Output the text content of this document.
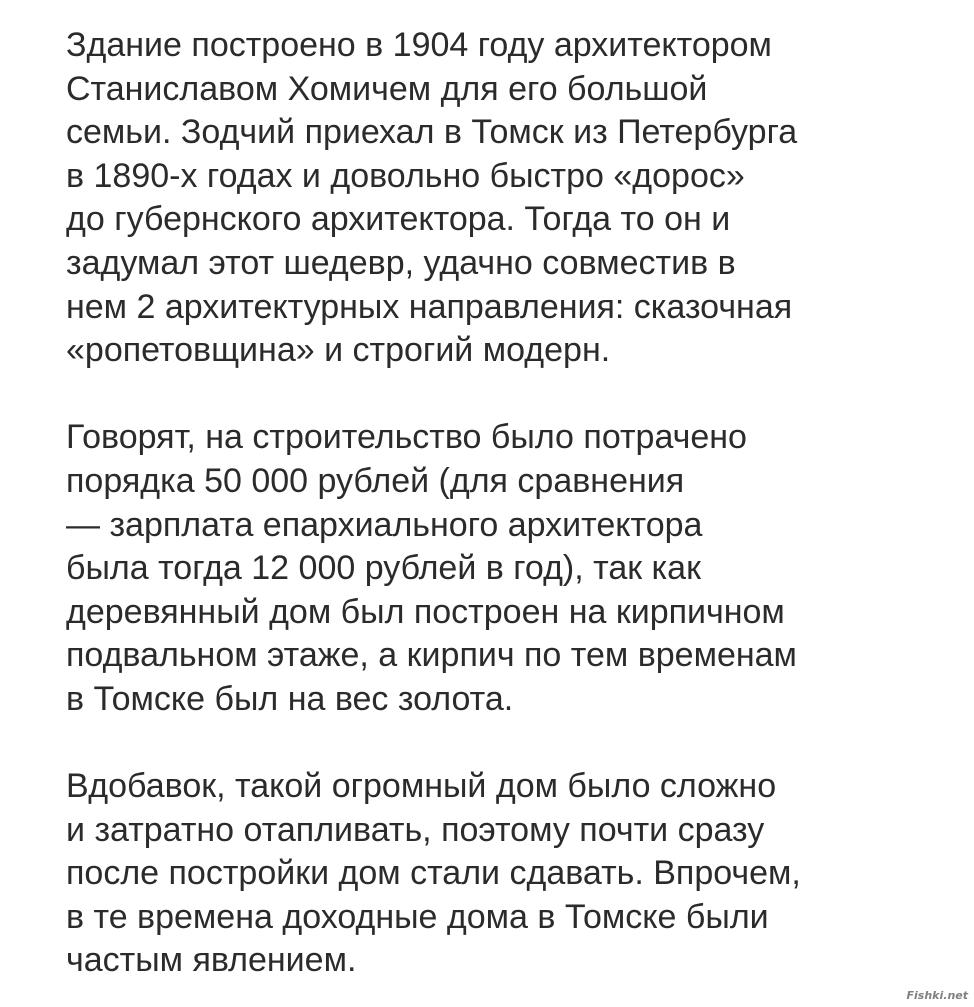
Здание построено в 1904 году архитектором
Станиславом Хомичем для его большой
семьи. Зодчий приехал в Томск из Петербурга
в 1890-х годах и довольно быстро «дорос»
до губернского архитектора. Тогда то он и
задумал этот шедевр, удачно совместив в
нем 2 архитектурных направления: сказочная
«ропетовщина» и строгий модерн.

Говорят, на строительство было потрачено
порядка 50 000 рублей (для сравнения
— зарплата епархиального архитектора
была тогда 12 000 рублей в год), так как
деревянный дом был построен на кирпичном
подвальном этаже, а кирпич по тем временам
в Томске был на вес золота.

Вдобавок, такой огромный дом было сложно
и затратно отапливать, поэтому почти сразу
после постройки дом стали сдавать. Впрочем,
в те времена доходные дома в Томске были
частым явлением.

Fishki.net
